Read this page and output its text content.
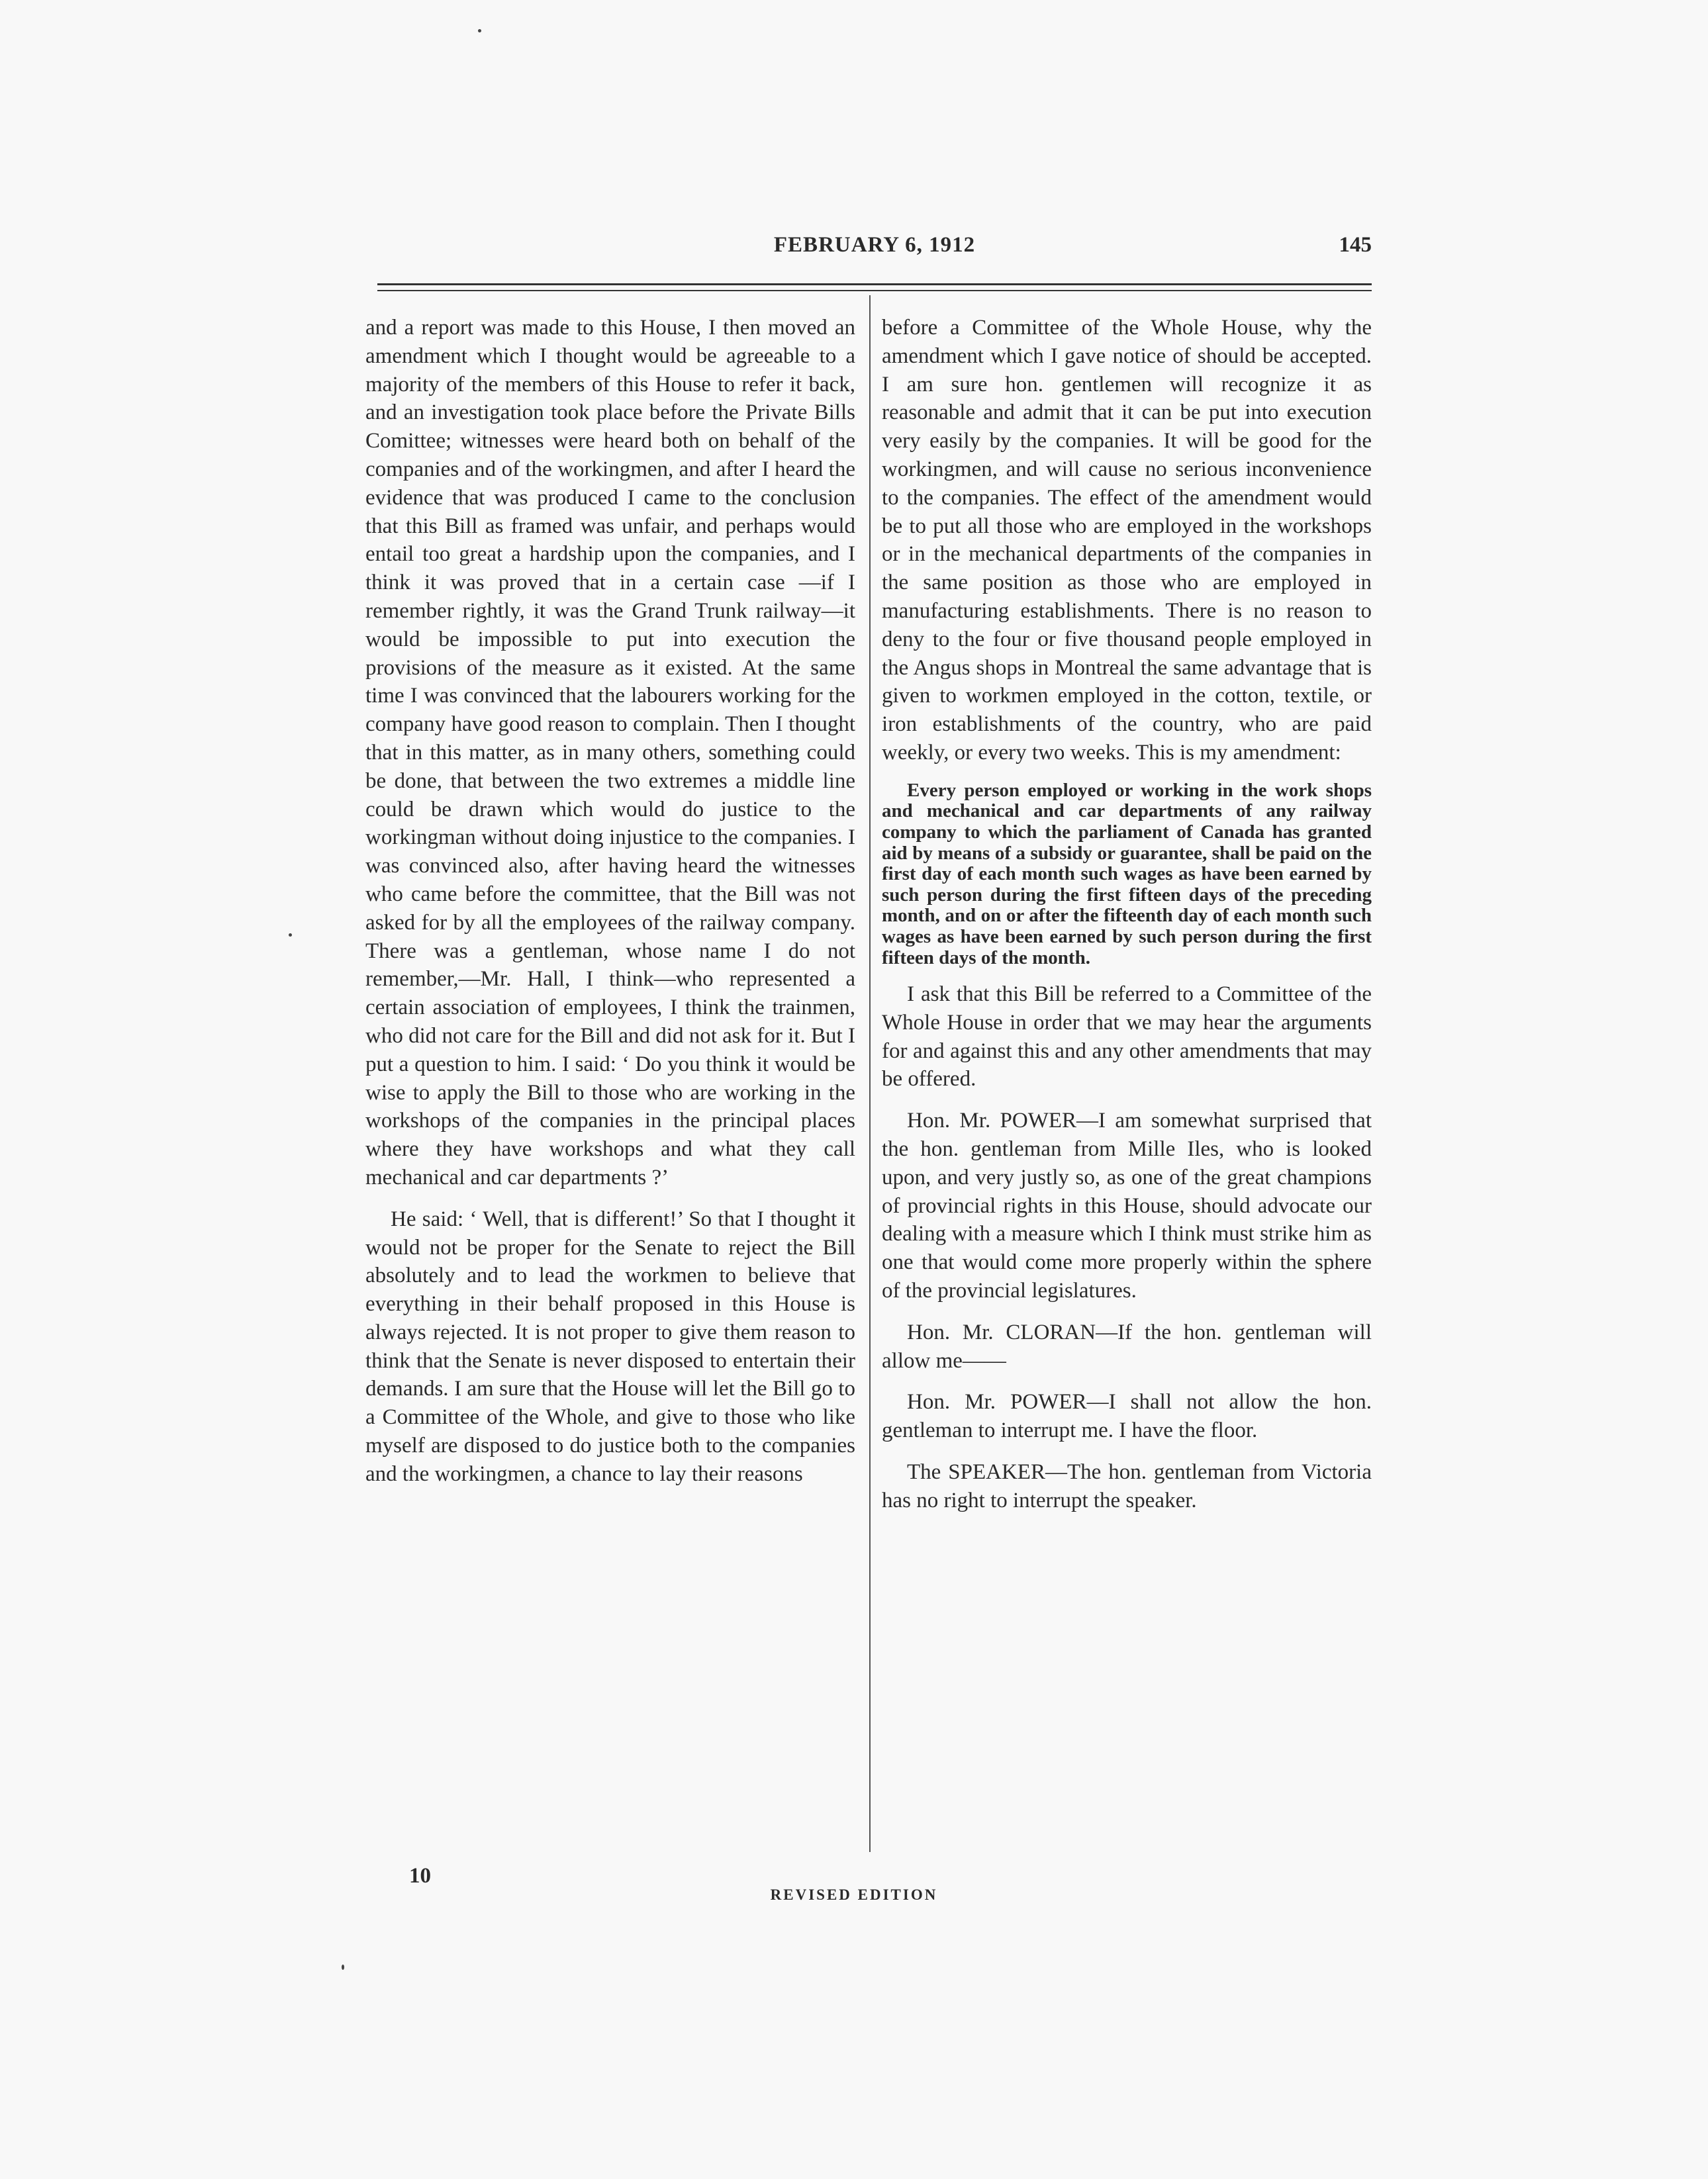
FEBRUARY 6, 1912	145

and a report was made to this House, I then moved an amendment which I thought would be agreeable to a majority of the members of this House to refer it back, and an investigation took place before the Private Bills Comittee; witnesses were heard both on behalf of the companies and of the workingmen, and after I heard the evidence that was produced I came to the conclusion that this Bill as framed was unfair, and perhaps would entail too great a hardship upon the companies, and I think it was proved that in a certain case —if I remember rightly, it was the Grand Trunk railway—it would be impossible to put into execution the provisions of the measure as it existed. At the same time I was convinced that the labourers working for the company have good reason to complain. Then I thought that in this matter, as in many others, something could be done, that between the two extremes a middle line could be drawn which would do justice to the workingman without doing injustice to the companies. I was convinced also, after having heard the witnesses who came before the committee, that the Bill was not asked for by all the employees of the railway company. There was a gentleman, whose name I do not remember,—Mr. Hall, I think—who represented a certain association of employees, I think the trainmen, who did not care for the Bill and did not ask for it. But I put a question to him. I said: ‘ Do you think it would be wise to apply the Bill to those who are working in the workshops of the companies in the principal places where they have workshops and what they call mechanical and car departments ?’

He said: ‘ Well, that is different!’ So that I thought it would not be proper for the Senate to reject the Bill absolutely and to lead the workmen to believe that everything in their behalf proposed in this House is always rejected. It is not proper to give them reason to think that the Senate is never disposed to entertain their demands. I am sure that the House will let the Bill go to a Committee of the Whole, and give to those who like myself are disposed to do justice both to the companies and the workingmen, a chance to lay their reasons

before a Committee of the Whole House, why the amendment which I gave notice of should be accepted. I am sure hon. gentlemen will recognize it as reasonable and admit that it can be put into execution very easily by the companies. It will be good for the workingmen, and will cause no serious inconvenience to the companies. The effect of the amendment would be to put all those who are employed in the workshops or in the mechanical departments of the companies in the same position as those who are employed in manufacturing establishments. There is no reason to deny to the four or five thousand people employed in the Angus shops in Montreal the same advantage that is given to workmen employed in the cotton, textile, or iron establishments of the country, who are paid weekly, or every two weeks. This is my amendment:

Every person employed or working in the work shops and mechanical and car departments of any railway company to which the parliament of Canada has granted aid by means of a subsidy or guarantee, shall be paid on the first day of each month such wages as have been earned by such person during the first fifteen days of the preceding month, and on or after the fifteenth day of each month such wages as have been earned by such person during the first fifteen days of the month.

I ask that this Bill be referred to a Committee of the Whole House in order that we may hear the arguments for and against this and any other amendments that may be offered.

Hon. Mr. POWER—I am somewhat surprised that the hon. gentleman from Mille Iles, who is looked upon, and very justly so, as one of the great champions of provincial rights in this House, should advocate our dealing with a measure which I think must strike him as one that would come more properly within the sphere of the provincial legislatures.

Hon. Mr. CLORAN—If the hon. gentleman will allow me——

Hon. Mr. POWER—I shall not allow the hon. gentleman to interrupt me. I have the floor.

The SPEAKER—The hon. gentleman from Victoria has no right to interrupt the speaker.

10
REVISED EDITION
